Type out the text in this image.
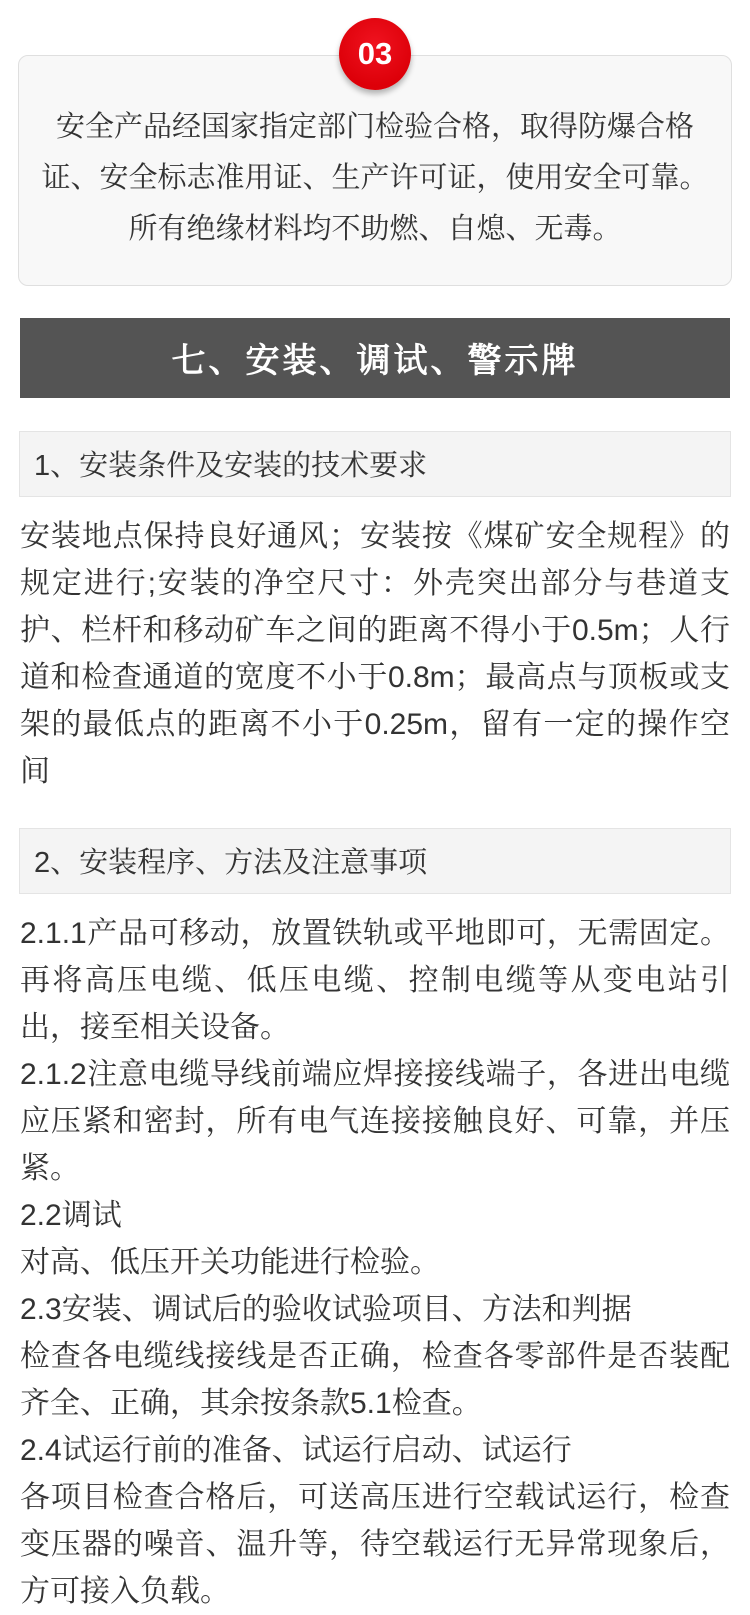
03

安全产品经国家指定部门检验合格，取得防爆合格证、安全标志准用证、生产许可证，使用安全可靠。所有绝缘材料均不助燃、自熄、无毒。

七、安装、调试、警示牌
1、安装条件及安装的技术要求

安装地点保持良好通风；安装按《煤矿安全规程》的规定进行;安装的净空尺寸：外壳突出部分与巷道支护、栏杆和移动矿车之间的距离不得小于0.5m；人行道和检查通道的宽度不小于0.8m；最高点与顶板或支架的最低点的距离不小于0.25m，留有一定的操作空间

2、安装程序、方法及注意事项

2.1.1产品可移动，放置铁轨或平地即可，无需固定。再将高压电缆、低压电缆、控制电缆等从变电站引出，接至相关设备。

2.1.2注意电缆导线前端应焊接接线端子，各进出电缆应压紧和密封，所有电气连接接触良好、可靠，并压紧。

2.2调试

对高、低压开关功能进行检验。

2.3安装、调试后的验收试验项目、方法和判据

检查各电缆线接线是否正确，检查各零部件是否装配齐全、正确，其余按条款5.1检查。

2.4试运行前的准备、试运行启动、试运行

各项目检查合格后，可送高压进行空载试运行，检查变压器的噪音、温升等，待空载运行无异常现象后，方可接入负载。
